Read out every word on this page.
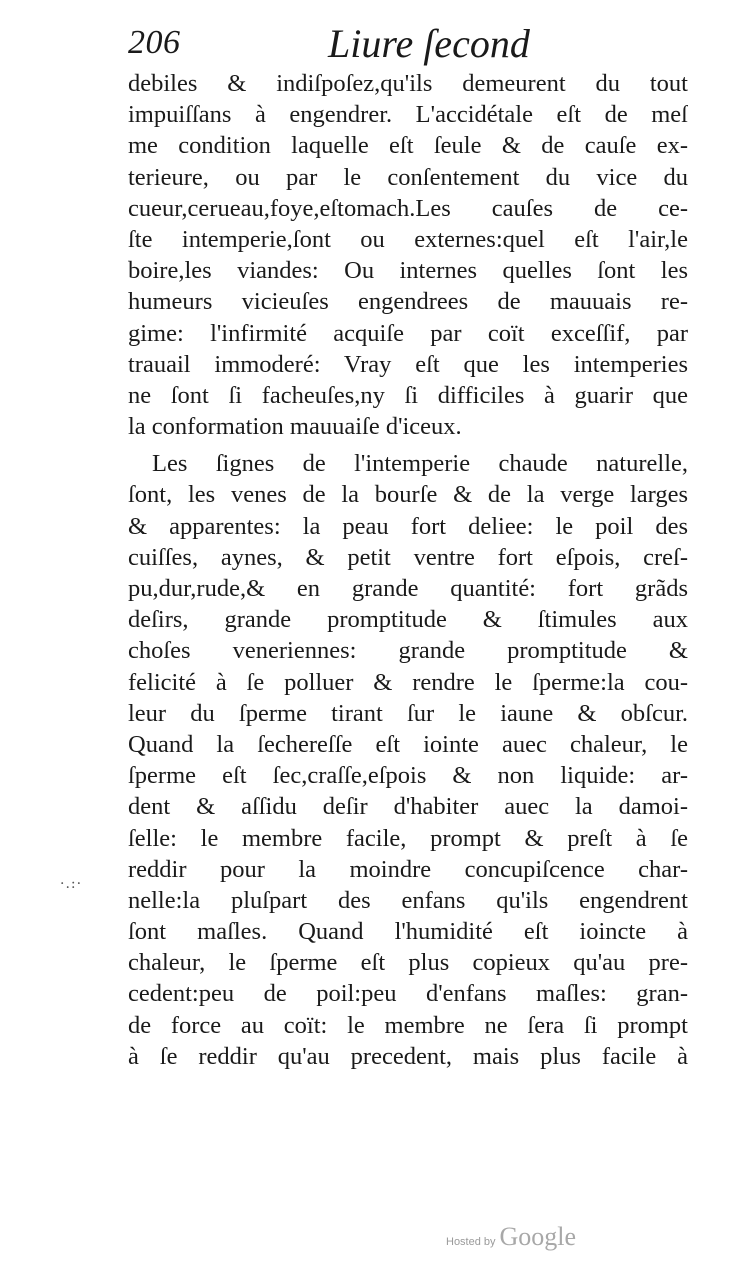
206	Liure ſecond
debiles & indiſpoſez,qu'ils demeurent du tout
impuiſſans à engendrer. L'accidétale eſt de meſ
me condition laquelle eſt ſeule & de cauſe ex-
terieure, ou par le conſentement du vice du
cueur,cerueau,foye,eſtomach.Les cauſes de ce-
ſte intemperie,ſont ou externes:quel eſt l'air,le
boire,les viandes: Ou internes quelles ſont les
humeurs vicieuſes engendrees de mauuais re-
gime: l'infirmité acquiſe par coït exceſſif, par
trauail immoderé: Vray eſt que les intemperies
ne ſont ſi facheuſes,ny ſi difficiles à guarir que
la conformation mauuaiſe d'iceux.
Les ſignes de l'intemperie chaude naturelle,
ſont, les venes de la bourſe & de la verge larges
& apparentes: la peau fort deliee: le poil des
cuiſſes, aynes, & petit ventre fort eſpois, creſ-
pu,dur,rude,& en grande quantité: fort grãds
deſirs, grande promptitude & ſtimules aux
choſes veneriennes: grande promptitude &
felicité à ſe polluer & rendre le ſperme:la cou-
leur du ſperme tirant ſur le iaune & obſcur.
Quand la ſechereſſe eſt iointe auec chaleur, le
ſperme eſt ſec,craſſe,eſpois & non liquide: ar-
dent & aſſidu deſir d'habiter auec la damoi-
ſelle: le membre facile, prompt & preſt à ſe
reddir pour la moindre concupiſcence char-
nelle:la pluſpart des enfans qu'ils engendrent
ſont maſles. Quand l'humidité eſt ioincte à
chaleur, le ſperme eſt plus copieux qu'au pre-
cedent:peu de poil:peu d'enfans maſles: gran-
de force au coït: le membre ne ſera ſi prompt
à ſe reddir qu'au precedent, mais plus facile à
·.:·
Hosted by Google
